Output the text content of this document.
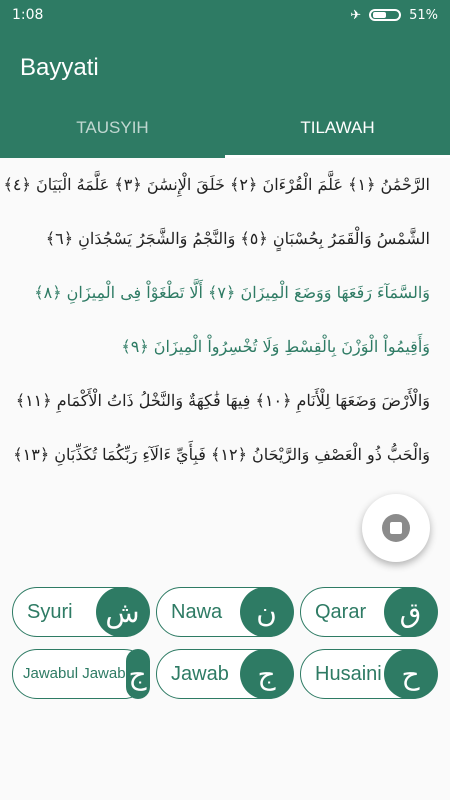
1:08	✈	51%
Bayyati
TAUSYIH	TILAWAH
الرَّحْمَٰنُ ﴿١﴾ عَلَّمَ الْقُرْءَانَ ﴿٢﴾ خَلَقَ الْإِنسَٰنَ ﴿٣﴾ عَلَّمَهُ الْبَيَانَ ﴿٤﴾
الشَّمْسُ وَالْقَمَرُ بِحُسْبَانٍ ﴿٥﴾ وَالنَّجْمُ وَالشَّجَرُ يَسْجُدَانِ ﴿٦﴾
وَالسَّمَآءَ رَفَعَهَا وَوَضَعَ الْمِيزَانَ ﴿٧﴾ أَلَّا تَطْغَوْاْ فِى الْمِيزَانِ ﴿٨﴾
وَأَقِيمُواْ الْوَزْنَ بِالْقِسْطِ وَلَا تُخْسِرُواْ الْمِيزَانَ ﴿٩﴾
وَالْأَرْضَ وَضَعَهَا لِلْأَنَامِ ﴿١٠﴾ فِيهَا فَٰكِهَةٌ وَالنَّخْلُ ذَاتُ الْأَكْمَامِ ﴿١١﴾
وَالْحَبُّ ذُو الْعَصْفِ وَالرَّيْحَانُ ﴿١٢﴾ فَبِأَيِّ ءَالَآءِ رَبِّكُمَا تُكَذِّبَانِ ﴿١٣﴾
Syuri	ش	Nawa	ن	Qarar	ق
Jawabul Jawab ج	Jawab	ج	Husaini ح
